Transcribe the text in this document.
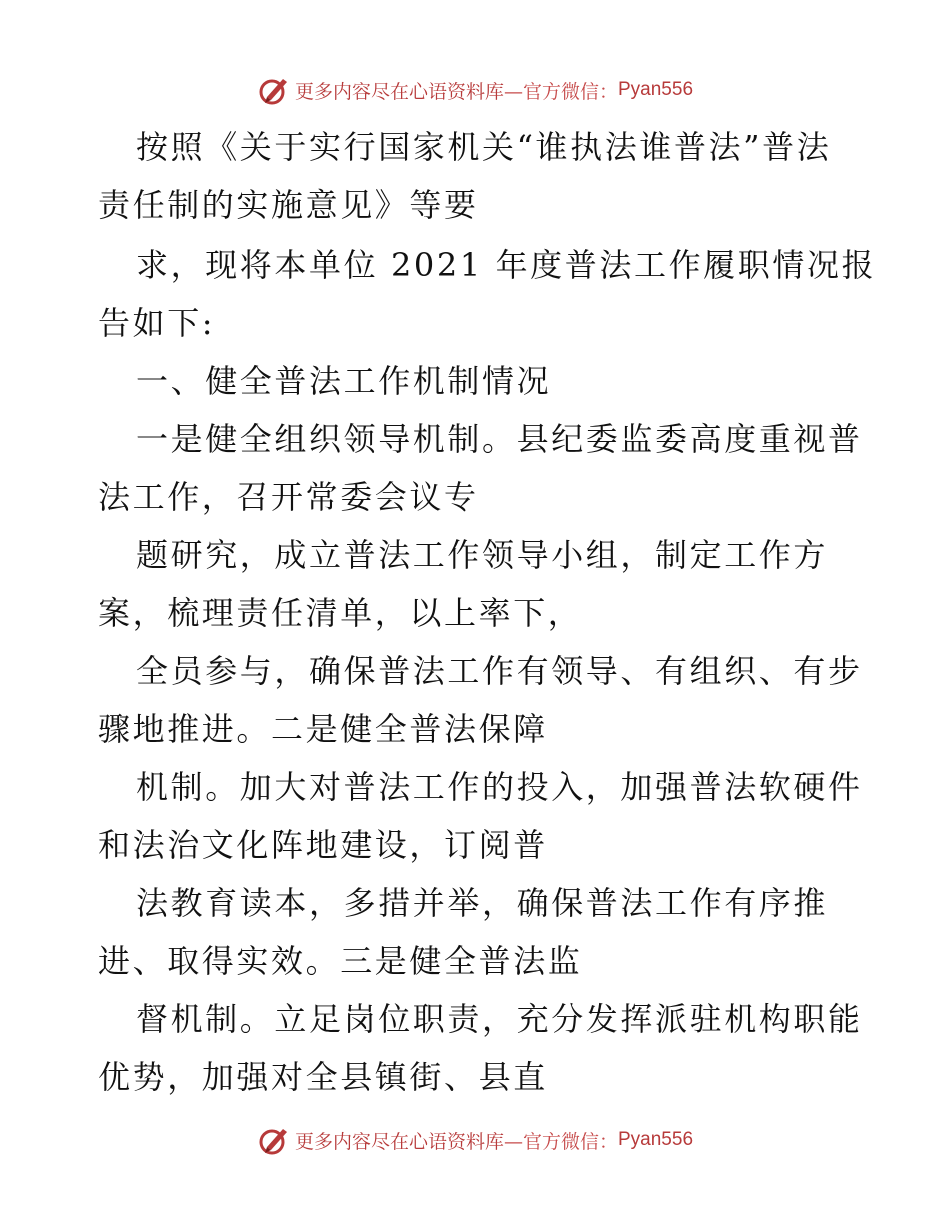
更多内容尽在心语资料库 —官方微信： Pyan556
按照《关于实行国家机关“谁执法谁普法”普法
责任制的实施意见》等要
求，现将本单位 2021 年度普法工作履职情况报
告如下:
一、健全普法工作机制情况
一是健全组织领导机制。县纪委监委高度重视普
法工作，召开常委会议专
题研究，成立普法工作领导小组，制定工作方
案，梳理责任清单，以上率下，
全员参与，确保普法工作有领导、有组织、有步
骤地推进。二是健全普法保障
机制。加大对普法工作的投入，加强普法软硬件
和法治文化阵地建设，订阅普
法教育读本，多措并举，确保普法工作有序推
进、取得实效。三是健全普法监
督机制。立足岗位职责，充分发挥派驻机构职能
优势，加强对全县镇街、县直
更多内容尽在心语资料库 —官方微信： Pyan556
